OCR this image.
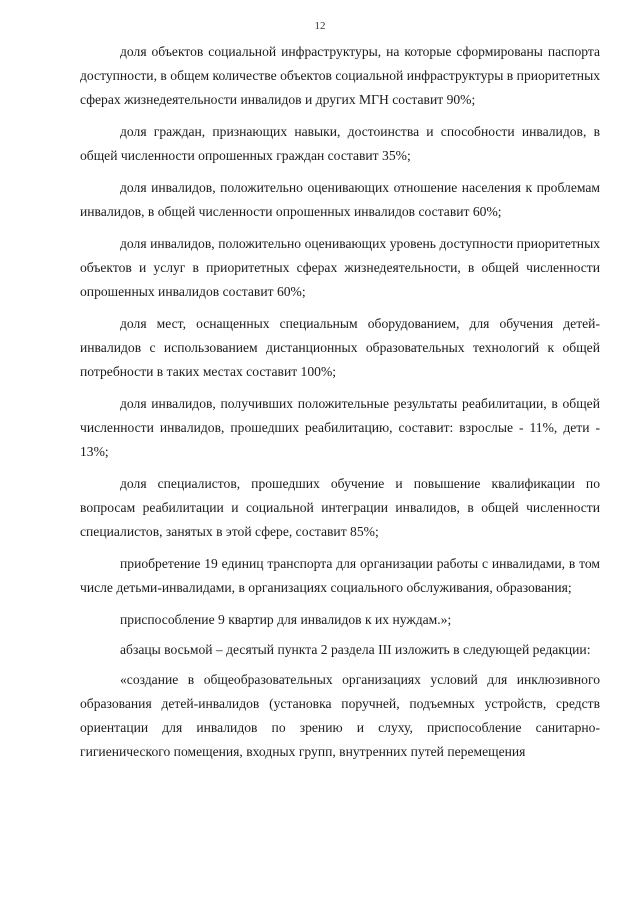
12

доля объектов социальной инфраструктуры, на которые сформированы паспорта доступности, в общем количестве объектов социальной инфраструктуры в приоритетных сферах жизнедеятельности инвалидов и других МГН составит 90%;

доля граждан, признающих навыки, достоинства и способности инвалидов, в общей численности опрошенных граждан составит 35%;

доля инвалидов, положительно оценивающих отношение населения к проблемам инвалидов, в общей численности опрошенных инвалидов составит 60%;

доля инвалидов, положительно оценивающих уровень доступности приоритетных объектов и услуг в приоритетных сферах жизнедеятельности, в общей численности опрошенных инвалидов составит 60%;

доля мест, оснащенных специальным оборудованием, для обучения детей-инвалидов с использованием дистанционных образовательных технологий к общей потребности в таких местах составит 100%;

доля инвалидов, получивших положительные результаты реабилитации, в общей численности инвалидов, прошедших реабилитацию, составит: взрослые - 11%, дети - 13%;

доля специалистов, прошедших обучение и повышение квалификации по вопросам реабилитации и социальной интеграции инвалидов, в общей численности специалистов, занятых в этой сфере, составит 85%;

приобретение 19 единиц транспорта для организации работы с инвалидами, в том числе детьми-инвалидами, в организациях социального обслуживания, образования;

приспособление 9 квартир для инвалидов к их нуждам.»;

абзацы восьмой – десятый пункта 2 раздела III изложить в следующей редакции:

«создание в общеобразовательных организациях условий для инклюзивного образования детей-инвалидов (установка поручней, подъемных устройств, средств ориентации для инвалидов по зрению и слуху, приспособление санитарно-гигиенического помещения, входных групп, внутренних путей перемещения
